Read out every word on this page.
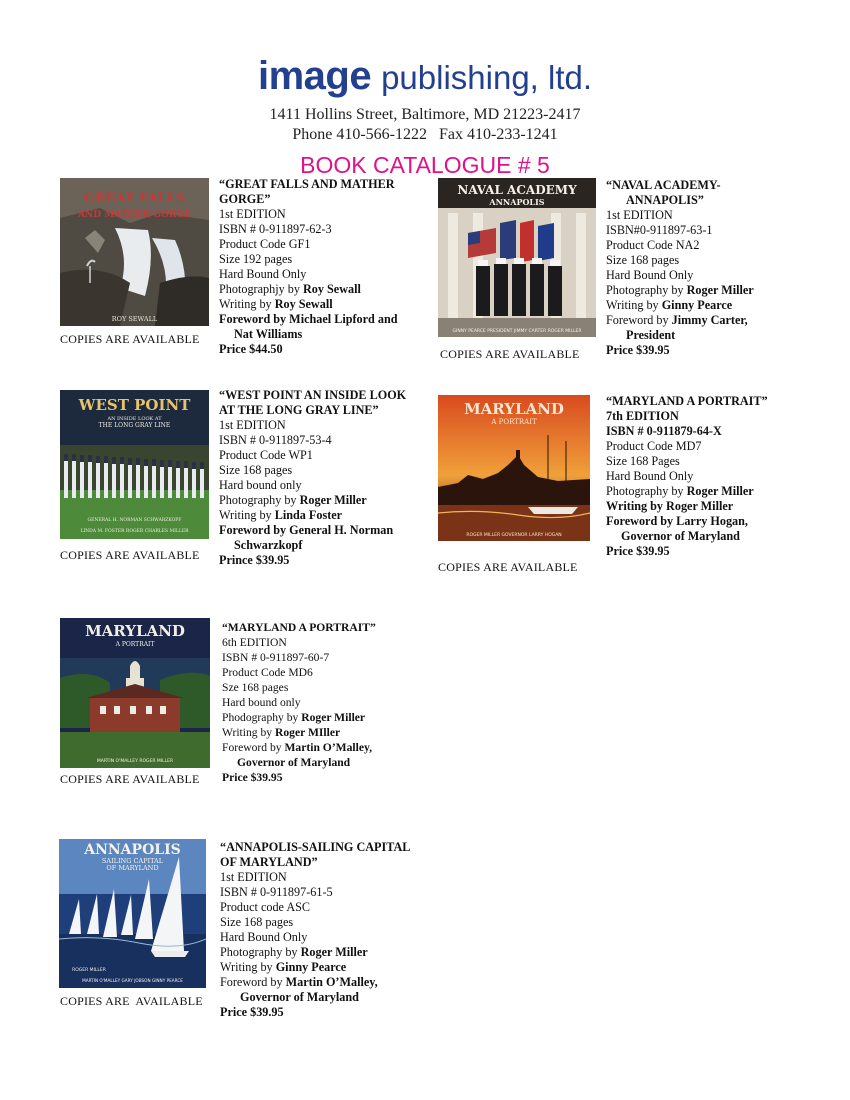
image publishing, ltd.
1411 Hollins Street, Baltimore, MD 21223-2417
Phone 410-566-1222   Fax 410-233-1241
BOOK CATALOGUE # 5
GREAT FALLS
AND MATHER GORGE
ROY SEWALL
COPIES ARE AVAILABLE
“GREAT FALLS AND MATHER GORGE”
1st EDITION
ISBN # 0-911897-62-3
Product Code GF1
Size 192 pages
Hard Bound Only
Photographjy by Roy Sewall
Writing by Roy Sewall
Foreword by Michael Lipford and
Nat Williams
Price $44.50
NAVAL ACADEMY
ANNAPOLIS
GINNY PEARCE PRESIDENT JIMMY CARTER ROGER MILLER
COPIES ARE AVAILABLE
“NAVAL ACADEMY-
ANNAPOLIS”
1st EDITION
ISBN#0-911897-63-1
Product Code NA2
Size 168 pages
Hard Bound Only
Photography by Roger Miller
Writing by Ginny Pearce
Foreword by Jimmy Carter,
President
Price $39.95
WEST POINT
AN INSIDE LOOK AT
THE LONG GRAY LINE
GENERAL H. NORMAN SCHWARZKOPF
LINDA M. FOSTER ROGER CHARLES MILLER
COPIES ARE AVAILABLE
“WEST POINT AN INSIDE LOOK AT THE LONG GRAY LINE”
1st EDITION
ISBN # 0-911897-53-4
Product Code WP1
Size 168 pages
Hard bound only
Photography by Roger Miller
Writing by Linda Foster
Foreword by General H. Norman
Schwarzkopf
Prince $39.95
MARYLAND
A PORTRAIT
ROGER MILLER GOVERNOR LARRY HOGAN
COPIES ARE AVAILABLE
“MARYLAND A PORTRAIT”
7th EDITION
ISBN # 0-911879-64-X
Product Code MD7
Size 168 Pages
Hard Bound Only
Photography by Roger Miller
Writing by Roger Miller
Foreword by Larry Hogan,
Governor of Maryland
Price $39.95
MARYLAND
A PORTRAIT
MARTIN O'MALLEY ROGER MILLER
COPIES ARE AVAILABLE
“MARYLAND A PORTRAIT”
6th EDITION
ISBN # 0-911897-60-7
Product Code MD6
Sze 168 pages
Hard bound only
Phodography by Roger Miller
Writing by Roger MIller
Foreword by Martin O’Malley,
Governor of Maryland
Price $39.95
ANNAPOLIS
SAILING CAPITAL
OF MARYLAND
ROGER MILLER
MARTIN O'MALLEY GARY JOBSON GINNY PEARCE
COPIES ARE  AVAILABLE
“ANNAPOLIS-SAILING CAPITAL OF MARYLAND”
1st EDITION
ISBN # 0-911897-61-5
Product code ASC
Size 168 pages
Hard Bound Only
Photography by Roger Miller
Writing by Ginny Pearce
Foreword by Martin O’Malley,
Governor of Maryland
Price $39.95
